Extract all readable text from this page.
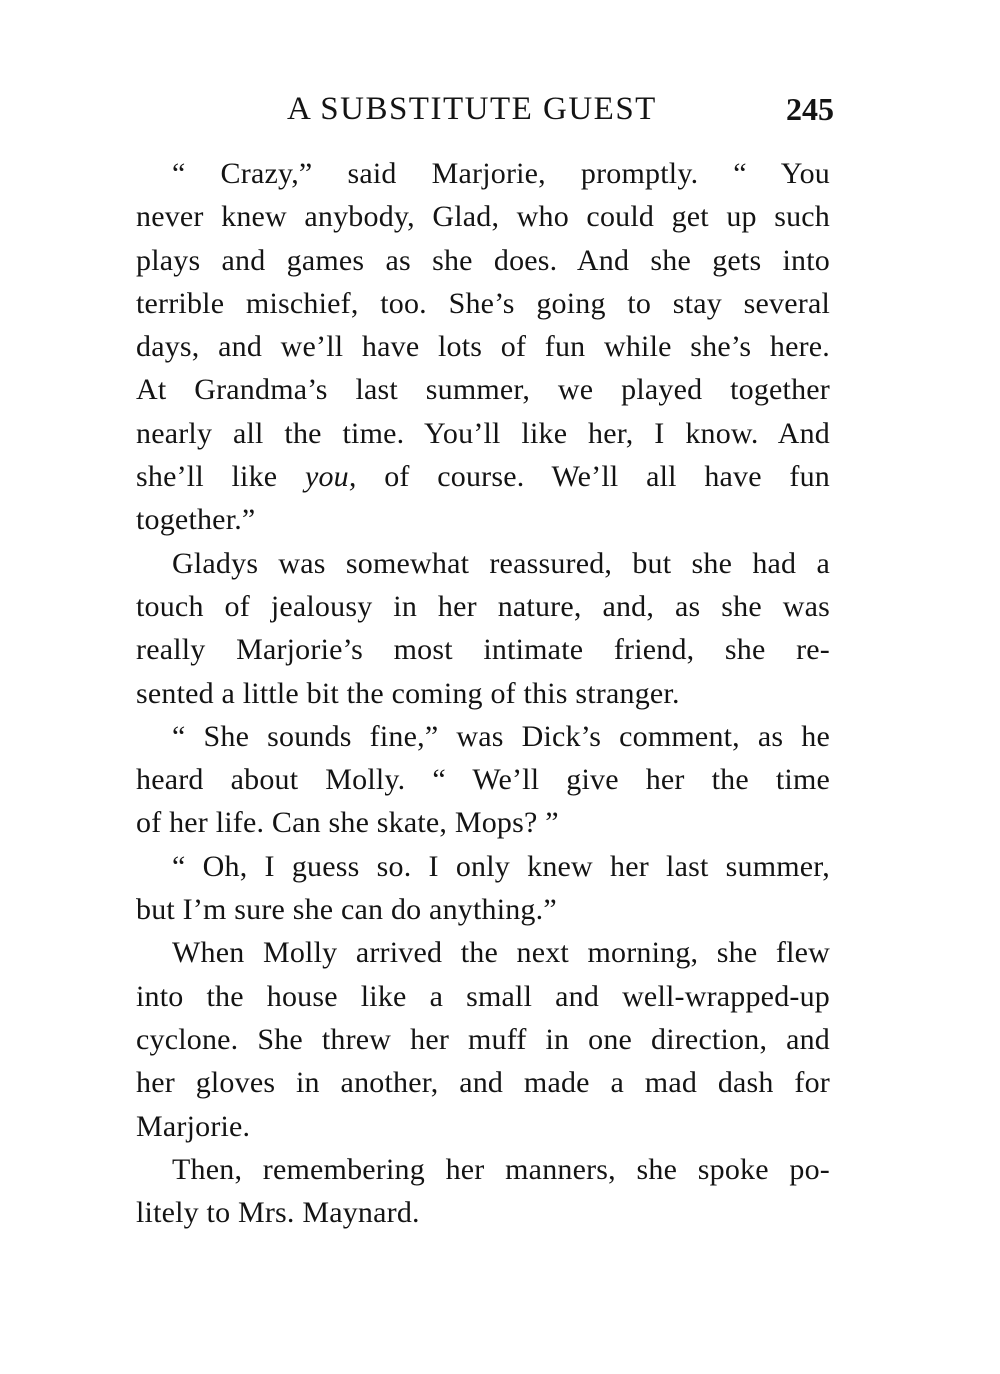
A SUBSTITUTE GUEST	245
“ Crazy,” said Marjorie, promptly. “ You
never knew anybody, Glad, who could get up such
plays and games as she does. And she gets into
terrible mischief, too. She’s going to stay several
days, and we’ll have lots of fun while she’s here.
At Grandma’s last summer, we played together
nearly all the time. You’ll like her, I know. And
she’ll like you, of course. We’ll all have fun
together.”
Gladys was somewhat reassured, but she had a
touch of jealousy in her nature, and, as she was
really Marjorie’s most intimate friend, she re-
sented a little bit the coming of this stranger.
“ She sounds fine,” was Dick’s comment, as he
heard about Molly. “ We’ll give her the time
of her life. Can she skate, Mops? ”
“ Oh, I guess so. I only knew her last summer,
but I’m sure she can do anything.”
When Molly arrived the next morning, she flew
into the house like a small and well-wrapped-up
cyclone. She threw her muff in one direction, and
her gloves in another, and made a mad dash for
Marjorie.
Then, remembering her manners, she spoke po-
litely to Mrs. Maynard.
